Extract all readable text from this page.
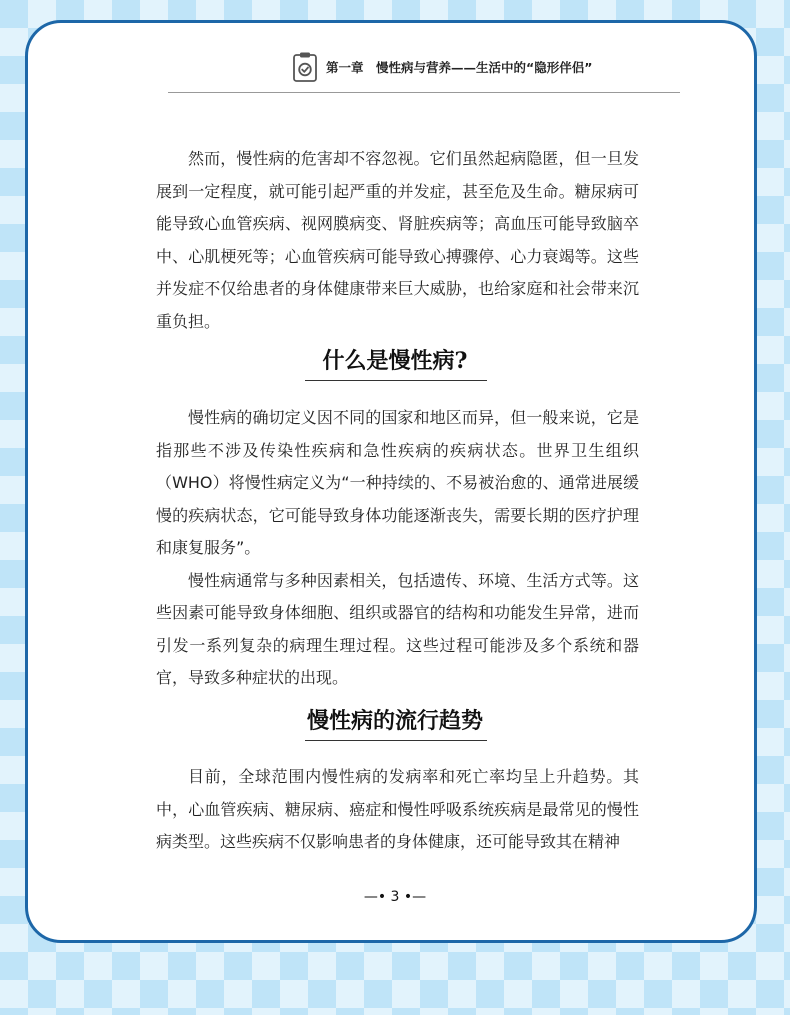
第一章　慢性病与营养——生活中的“隐形伴侣”

然而，慢性病的危害却不容忽视。它们虽然起病隐匿，但一旦发展到一定程度，就可能引起严重的并发症，甚至危及生命。糖尿病可能导致心血管疾病、视网膜病变、肾脏疾病等；高血压可能导致脑卒中、心肌梗死等；心血管疾病可能导致心搏骤停、心力衰竭等。这些并发症不仅给患者的身体健康带来巨大威胁，也给家庭和社会带来沉重负担。

什么是慢性病?

慢性病的确切定义因不同的国家和地区而异，但一般来说，它是指那些不涉及传染性疾病和急性疾病的疾病状态。世界卫生组织（WHO）将慢性病定义为“一种持续的、不易被治愈的、通常进展缓慢的疾病状态，它可能导致身体功能逐渐丧失，需要长期的医疗护理和康复服务”。

慢性病通常与多种因素相关，包括遗传、环境、生活方式等。这些因素可能导致身体细胞、组织或器官的结构和功能发生异常，进而引发一系列复杂的病理生理过程。这些过程可能涉及多个系统和器官，导致多种症状的出现。

慢性病的流行趋势

目前，全球范围内慢性病的发病率和死亡率均呈上升趋势。其中，心血管疾病、糖尿病、癌症和慢性呼吸系统疾病是最常见的慢性病类型。这些疾病不仅影响患者的身体健康，还可能导致其在精神

—• 3 •—
